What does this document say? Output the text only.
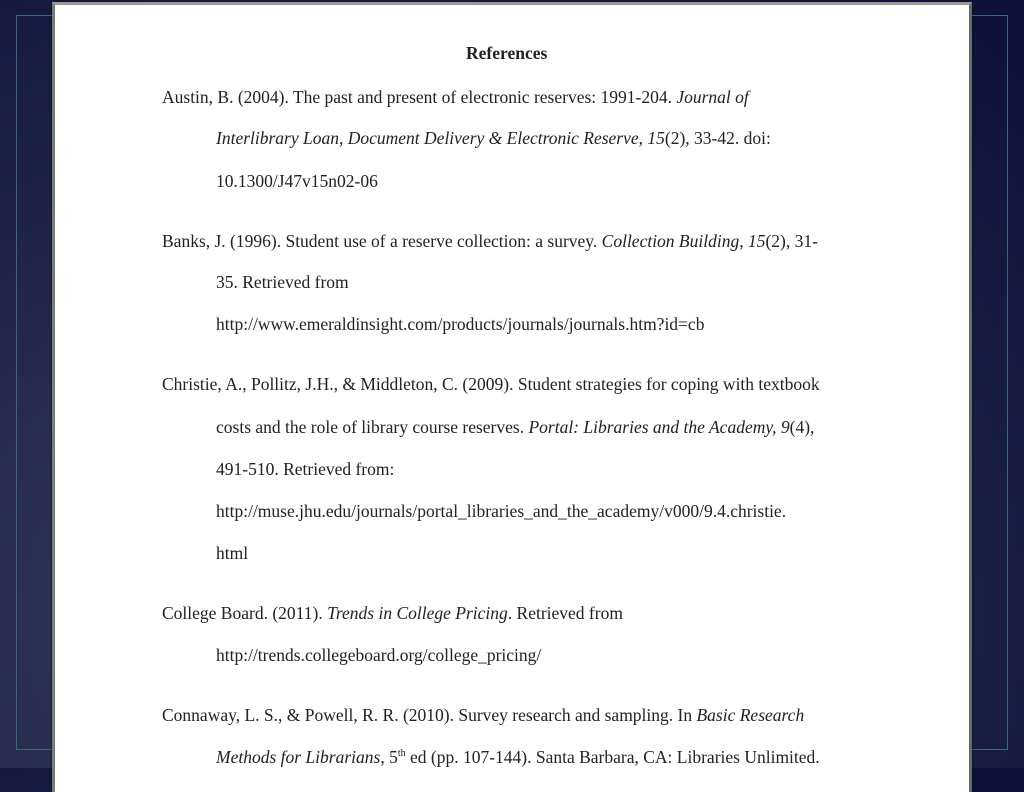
References
Austin, B. (2004). The past and present of electronic reserves: 1991-204. Journal of
Interlibrary Loan, Document Delivery & Electronic Reserve, 15(2), 33-42. doi:
10.1300/J47v15n02-06
Banks, J. (1996). Student use of a reserve collection: a survey. Collection Building, 15(2), 31-
35. Retrieved from
http://www.emeraldinsight.com/products/journals/journals.htm?id=cb
Christie, A., Pollitz, J.H., & Middleton, C. (2009). Student strategies for coping with textbook
costs and the role of library course reserves. Portal: Libraries and the Academy, 9(4),
491-510. Retrieved from:
http://muse.jhu.edu/journals/portal_libraries_and_the_academy/v000/9.4.christie.
html
College Board. (2011). Trends in College Pricing. Retrieved from
http://trends.collegeboard.org/college_pricing/
Connaway, L. S., & Powell, R. R. (2010). Survey research and sampling. In Basic Research
Methods for Librarians, 5th ed (pp. 107-144). Santa Barbara, CA: Libraries Unlimited.
